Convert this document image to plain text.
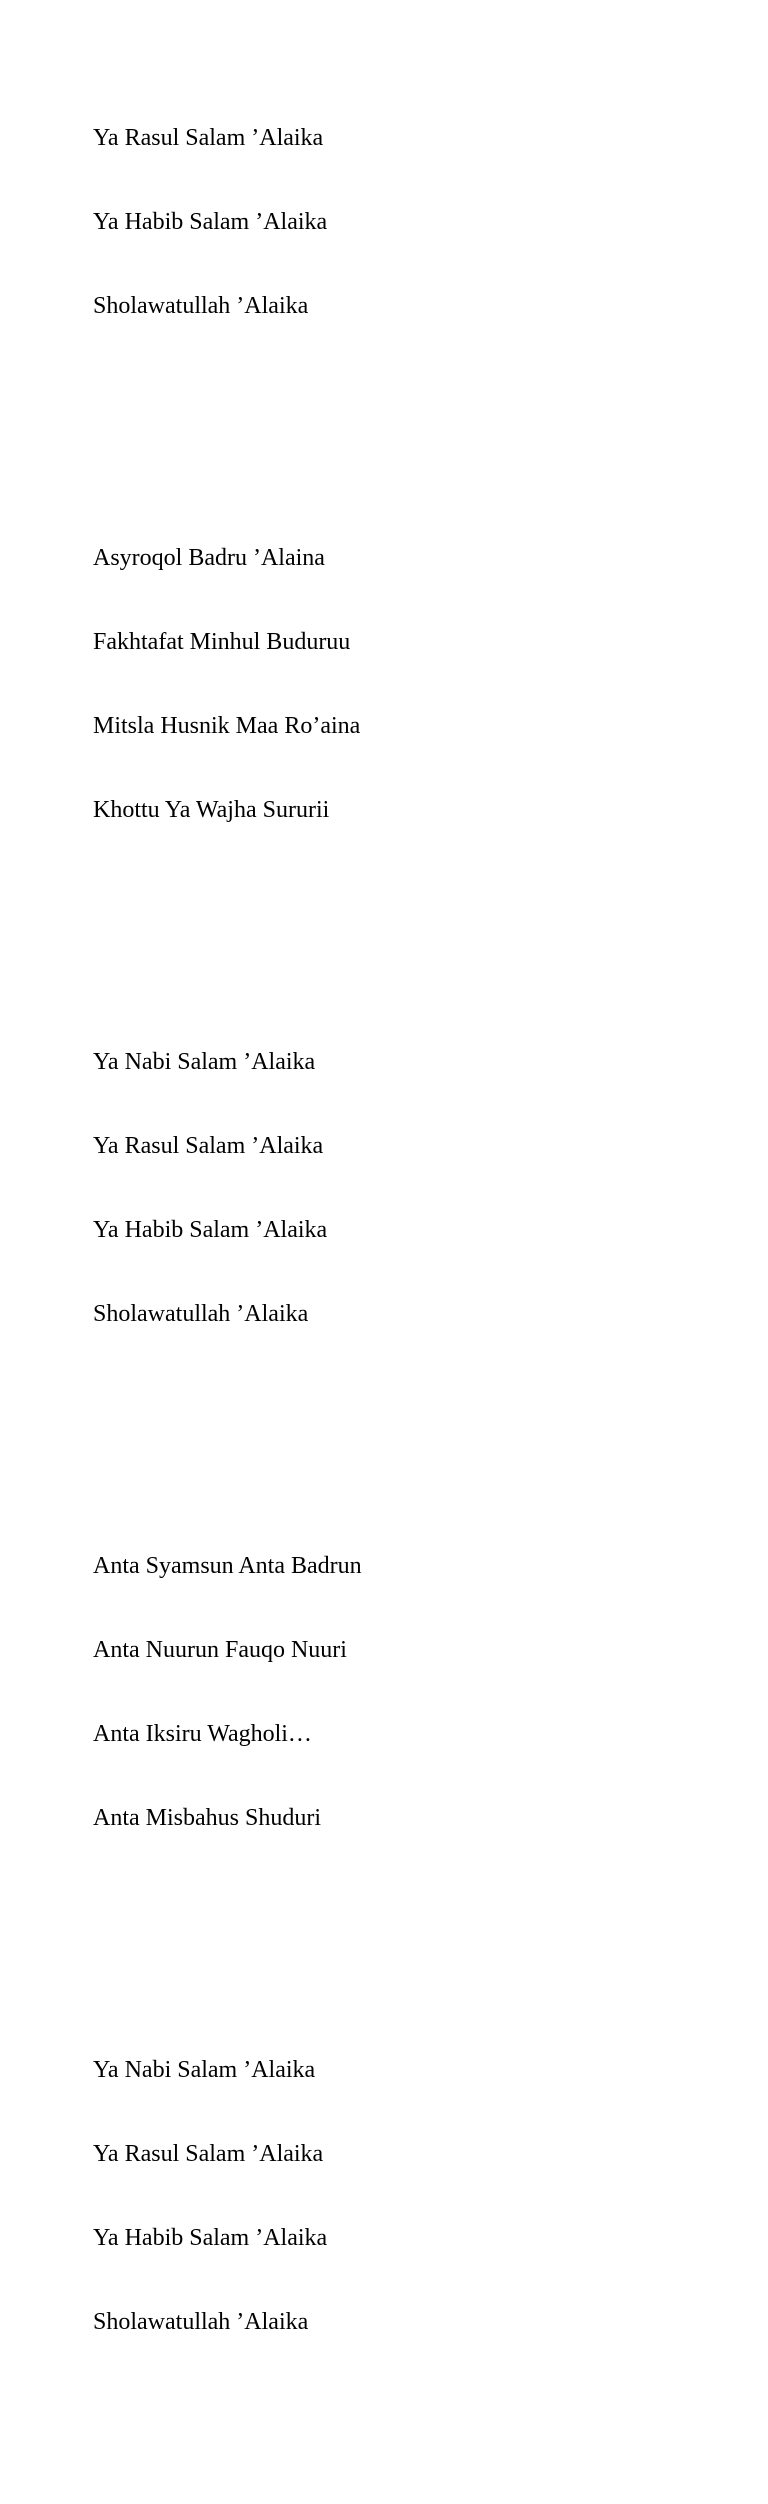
Ya Rasul Salam ’Alaika

Ya Habib Salam ’Alaika

Sholawatullah ’Alaika

Asyroqol Badru ’Alaina

Fakhtafat Minhul Buduruu

Mitsla Husnik Maa Ro’aina

Khottu Ya Wajha Sururii

Ya Nabi Salam ’Alaika

Ya Rasul Salam ’Alaika

Ya Habib Salam ’Alaika

Sholawatullah ’Alaika

Anta Syamsun Anta Badrun

Anta Nuurun Fauqo Nuuri

Anta Iksiru Wagholi…

Anta Misbahus Shuduri

Ya Nabi Salam ’Alaika

Ya Rasul Salam ’Alaika

Ya Habib Salam ’Alaika

Sholawatullah ’Alaika
